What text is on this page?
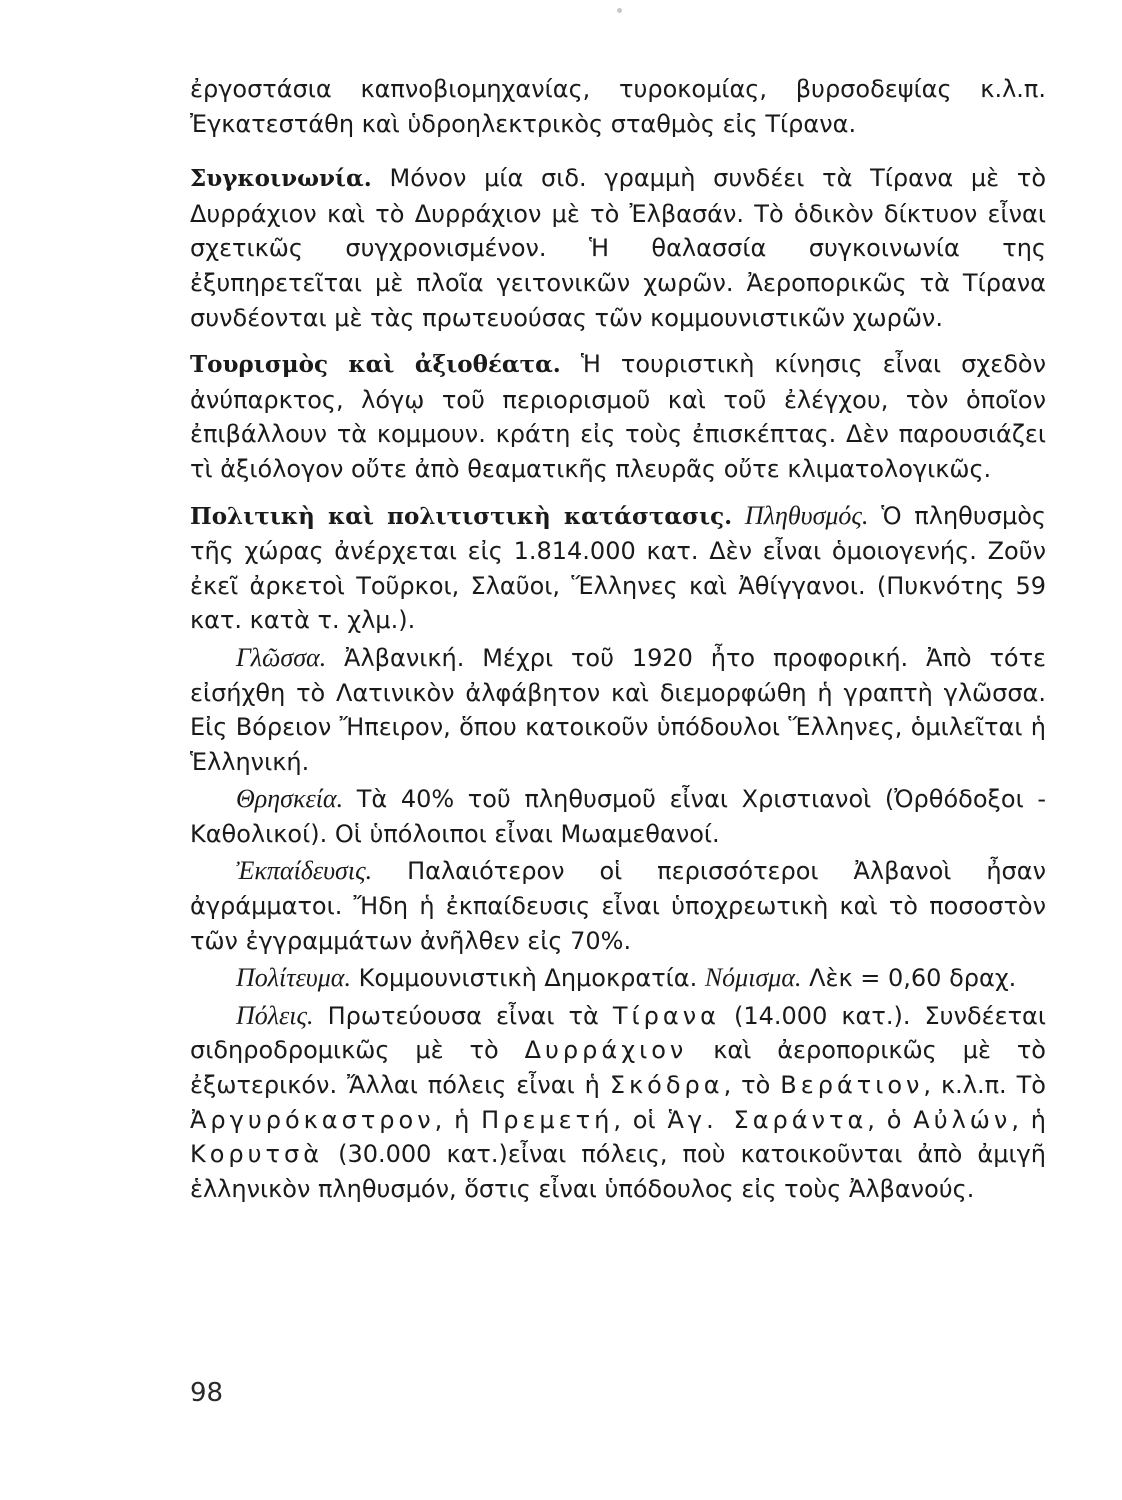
ἐργοστάσια καπνοβιομηχανίας, τυροκομίας, βυρσοδεψίας κ.λ.π. Ἐγκατεστάθη καὶ ὑδροηλεκτρικὸς σταθμὸς εἰς Τίρανα.

Συγκοινωνία. Μόνον μία σιδ. γραμμὴ συνδέει τὰ Τίρανα μὲ τὸ Δυρράχιον καὶ τὸ Δυρράχιον μὲ τὸ Ἐλβασάν. Τὸ ὁδικὸν δίκτυον εἶναι σχετικῶς συγχρονισμένον. Ἡ θαλασσία συγκοινωνία της ἐξυπηρετεῖται μὲ πλοῖα γειτονικῶν χωρῶν. Ἀεροπορικῶς τὰ Τίρανα συνδέονται μὲ τὰς πρωτευούσας τῶν κομμουνιστικῶν χωρῶν.

Τουρισμὸς καὶ ἀξιοθέατα. Ἡ τουριστικὴ κίνησις εἶναι σχεδὸν ἀνύπαρκτος, λόγῳ τοῦ περιορισμοῦ καὶ τοῦ ἐλέγχου, τὸν ὁποῖον ἐπιβάλλουν τὰ κομμουν. κράτη εἰς τοὺς ἐπισκέπτας. Δὲν παρουσιάζει τὶ ἀξιόλογον οὔτε ἀπὸ θεαματικῆς πλευρᾶς οὔτε κλιματολογικῶς.

Πολιτικὴ καὶ πολιτιστικὴ κατάστασις. Πληθυσμός. Ὁ πληθυσμὸς τῆς χώρας ἀνέρχεται εἰς 1.814.000 κατ. Δὲν εἶναι ὁμοιογενής. Ζοῦν ἐκεῖ ἀρκετοὶ Τοῦρκοι, Σλαῦοι, Ἕλληνες καὶ Ἀθίγγανοι. (Πυκνότης 59 κατ. κατὰ τ. χλμ.).

Γλῶσσα. Ἀλβανική. Μέχρι τοῦ 1920 ἦτο προφορική. Ἀπὸ τότε εἰσήχθη τὸ Λατινικὸν ἀλφάβητον καὶ διεμορφώθη ἡ γραπτὴ γλῶσσα. Εἰς Βόρειον Ἤπειρον, ὅπου κατοικοῦν ὑπόδουλοι Ἕλληνες, ὁμιλεῖται ἡ Ἑλληνική.

Θρησκεία. Τὰ 40% τοῦ πληθυσμοῦ εἶναι Χριστιανοὶ (Ὀρθόδοξοι - Καθολικοί). Οἱ ὑπόλοιποι εἶναι Μωαμεθανοί.

Ἐκπαίδευσις. Παλαιότερον οἱ περισσότεροι Ἀλβανοὶ ἦσαν ἀγράμματοι. Ἤδη ἡ ἐκπαίδευσις εἶναι ὑποχρεωτικὴ καὶ τὸ ποσοστὸν τῶν ἐγγραμμάτων ἀνῆλθεν εἰς 70%.

Πολίτευμα. Κομμουνιστικὴ Δημοκρατία. Νόμισμα. Λὲκ = 0,60 δραχ.

Πόλεις. Πρωτεύουσα εἶναι τὰ Τίρανα (14.000 κατ.). Συνδέεται σιδηροδρομικῶς μὲ τὸ Δυρράχιον καὶ ἀεροπορικῶς μὲ τὸ ἐξωτερικόν. Ἄλλαι πόλεις εἶναι ἡ Σκόδρα, τὸ Βεράτιον, κ.λ.π. Τὸ Ἀργυρόκαστρον, ἡ Πρεμετή, οἱ Ἁγ. Σαράντα, ὁ Αὐλών, ἡ Κορυτσὰ (30.000 κατ.)εἶναι πόλεις, ποὺ κατοικοῦνται ἀπὸ ἀμιγῆ ἑλληνικὸν πληθυσμόν, ὅστις εἶναι ὑπόδουλος εἰς τοὺς Ἀλβανούς.

98
